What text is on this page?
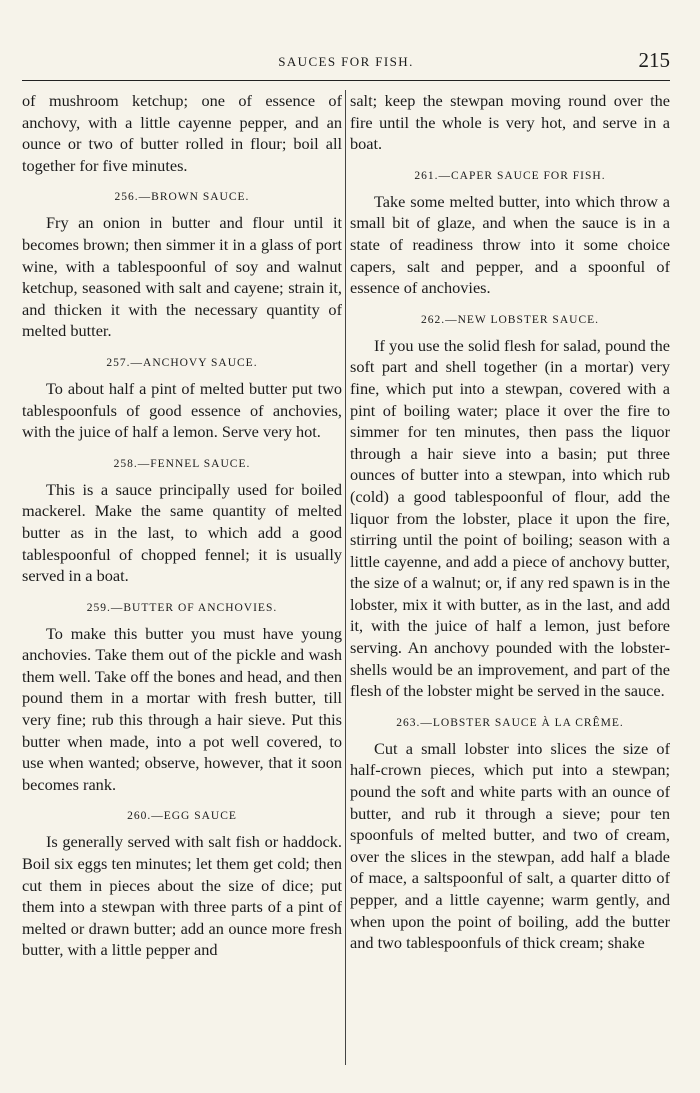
SAUCES FOR FISH.	215

of mushroom ketchup; one of essence of anchovy, with a little cayenne pepper, and an ounce or two of butter rolled in flour; boil all together for five minutes.

256.—BROWN SAUCE.

Fry an onion in butter and flour until it becomes brown; then simmer it in a glass of port wine, with a tablespoonful of soy and walnut ketchup, seasoned with salt and cayene; strain it, and thicken it with the necessary quantity of melted butter.

257.—ANCHOVY SAUCE.

To about half a pint of melted butter put two tablespoonfuls of good essence of anchovies, with the juice of half a lemon. Serve very hot.

258.—FENNEL SAUCE.

This is a sauce principally used for boiled mackerel. Make the same quantity of melted butter as in the last, to which add a good tablespoonful of chopped fennel; it is usually served in a boat.

259.—BUTTER OF ANCHOVIES.

To make this butter you must have young anchovies. Take them out of the pickle and wash them well. Take off the bones and head, and then pound them in a mortar with fresh butter, till very fine; rub this through a hair sieve. Put this butter when made, into a pot well covered, to use when wanted; observe, however, that it soon becomes rank.

260.—EGG SAUCE

Is generally served with salt fish or haddock. Boil six eggs ten minutes; let them get cold; then cut them in pieces about the size of dice; put them into a stewpan with three parts of a pint of melted or drawn butter; add an ounce more fresh butter, with a little pepper and

salt; keep the stewpan moving round over the fire until the whole is very hot, and serve in a boat.

261.—CAPER SAUCE FOR FISH.

Take some melted butter, into which throw a small bit of glaze, and when the sauce is in a state of readiness throw into it some choice capers, salt and pepper, and a spoonful of essence of anchovies.

262.—NEW LOBSTER SAUCE.

If you use the solid flesh for salad, pound the soft part and shell together (in a mortar) very fine, which put into a stewpan, covered with a pint of boiling water; place it over the fire to simmer for ten minutes, then pass the liquor through a hair sieve into a basin; put three ounces of butter into a stewpan, into which rub (cold) a good tablespoonful of flour, add the liquor from the lobster, place it upon the fire, stirring until the point of boiling; season with a little cayenne, and add a piece of anchovy butter, the size of a walnut; or, if any red spawn is in the lobster, mix it with butter, as in the last, and add it, with the juice of half a lemon, just before serving. An anchovy pounded with the lobster-shells would be an improvement, and part of the flesh of the lobster might be served in the sauce.

263.—LOBSTER SAUCE À LA CRÊME.

Cut a small lobster into slices the size of half-crown pieces, which put into a stewpan; pound the soft and white parts with an ounce of butter, and rub it through a sieve; pour ten spoonfuls of melted butter, and two of cream, over the slices in the stewpan, add half a blade of mace, a saltspoonful of salt, a quarter ditto of pepper, and a little cayenne; warm gently, and when upon the point of boiling, add the butter and two tablespoonfuls of thick cream; shake
